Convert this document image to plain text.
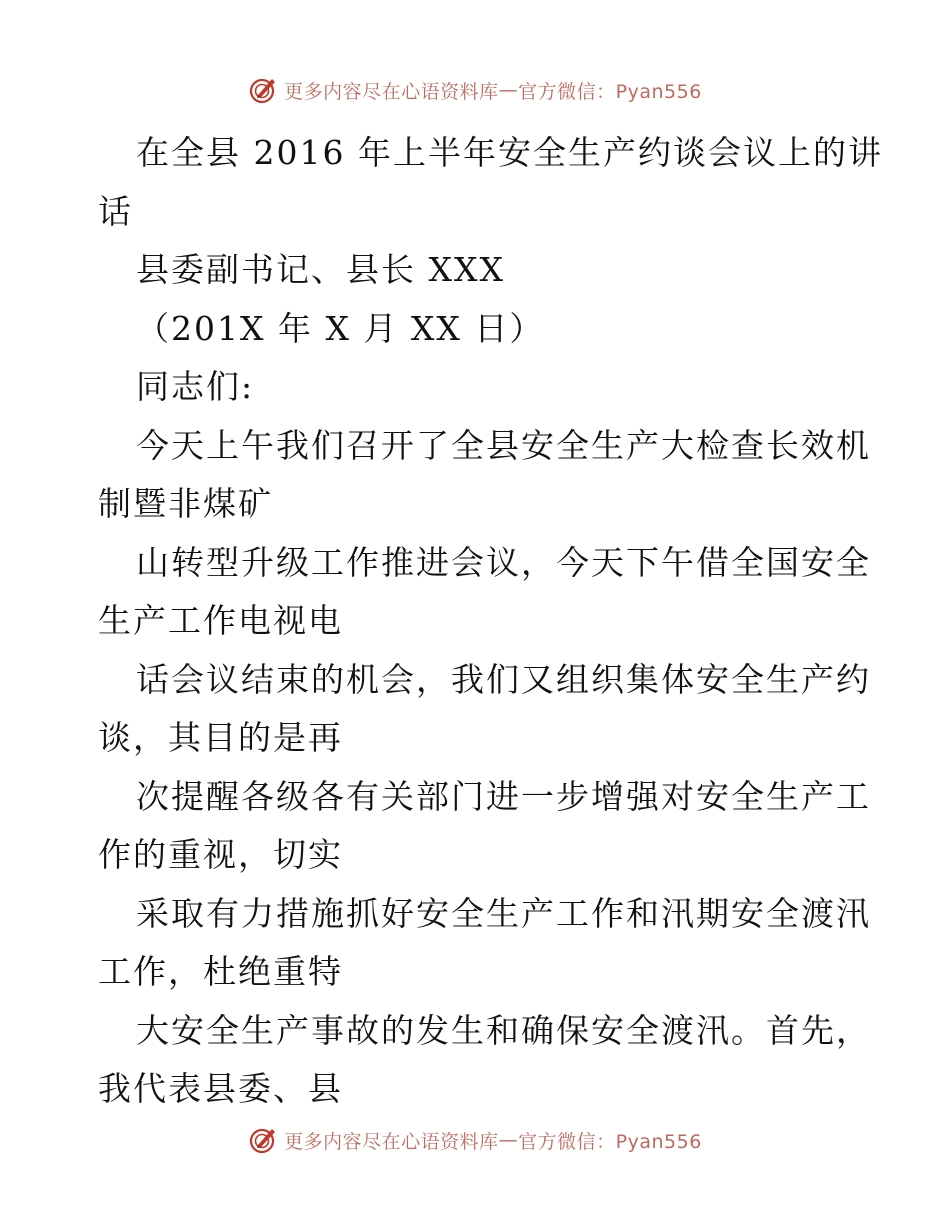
更多内容尽在心语资料库 — 官方微信：Pyan556
在全县 2016 年上半年安全生产约谈会议上的讲
话
县委副书记、县长 XXX
（201X 年 X 月 XX 日）
同志们:
今天上午我们召开了全县安全生产大检查长效机
制暨非煤矿
山转型升级工作推进会议，今天下午借全国安全
生产工作电视电
话会议结束的机会，我们又组织集体安全生产约
谈，其目的是再
次提醒各级各有关部门进一步增强对安全生产工
作的重视，切实
采取有力措施抓好安全生产工作和汛期安全渡汛
工作，杜绝重特
大安全生产事故的发生和确保安全渡汛。首先，
我代表县委、县
更多内容尽在心语资料库 — 官方微信：Pyan556
